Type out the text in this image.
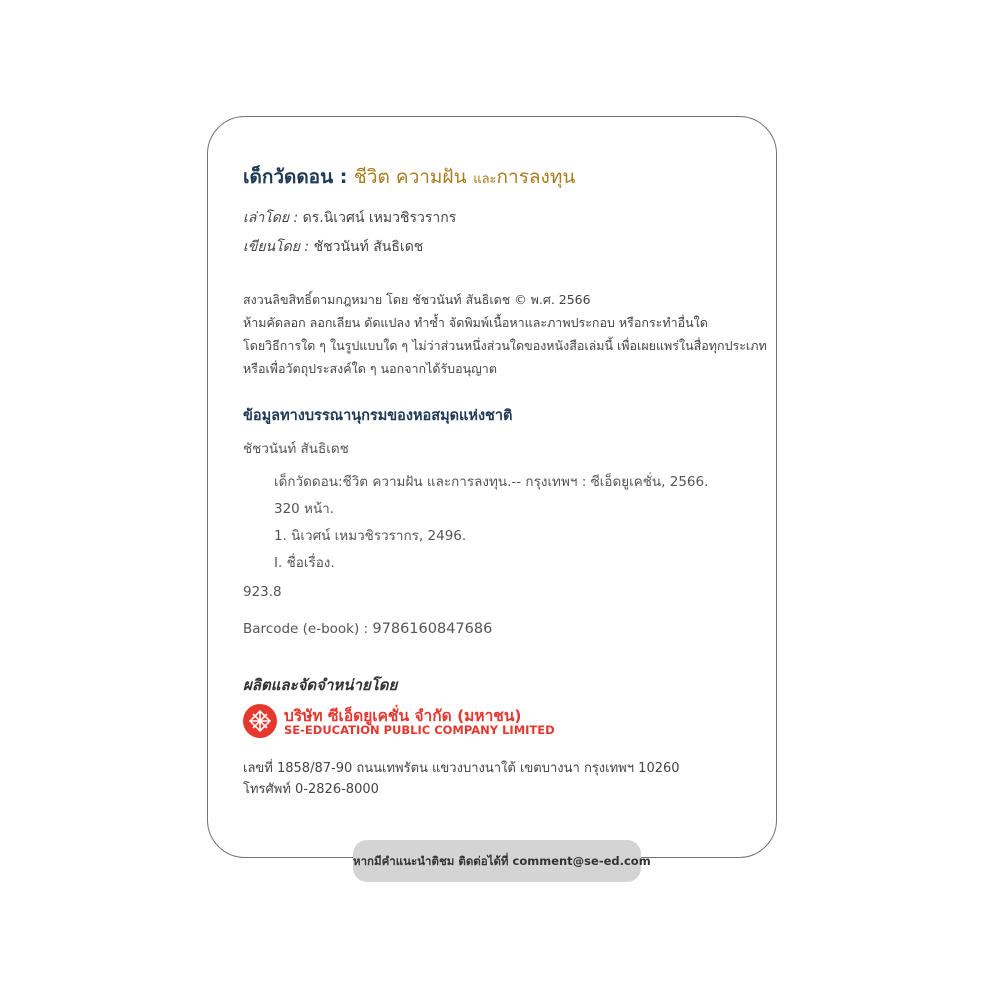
เด็กวัดดอน : ชีวิต ความฝัน และการลงทุน
เล่าโดย : ดร.นิเวศน์ เหมวชิรวรากร
เขียนโดย : ชัชวนันท์ สันธิเดช
สงวนลิขสิทธิ์ตามกฎหมาย โดย ชัชวนันท์ สันธิเดช © พ.ศ. 2566
ห้ามคัดลอก ลอกเลียน ดัดแปลง ทำซ้ำ จัดพิมพ์เนื้อหาและภาพประกอบ หรือกระทำอื่นใด
โดยวิธีการใด ๆ ในรูปแบบใด ๆ ไม่ว่าส่วนหนึ่งส่วนใดของหนังสือเล่มนี้ เพื่อเผยแพร่ในสื่อทุกประเภท
หรือเพื่อวัตถุประสงค์ใด ๆ นอกจากได้รับอนุญาต
ข้อมูลทางบรรณานุกรมของหอสมุดแห่งชาติ
ชัชวนันท์ สันธิเดช
เด็กวัดดอน:ชีวิต ความฝัน และการลงทุน.-- กรุงเทพฯ : ซีเอ็ดยูเคชั่น, 2566.
320 หน้า.
1. นิเวศน์ เหมวชิรวรากร, 2496.
I. ชื่อเรื่อง.
923.8
Barcode (e-book) : 9786160847686
ผลิตและจัดจำหน่ายโดย
บริษัท ซีเอ็ดยูเคชั่น จำกัด (มหาชน)
SE-EDUCATION PUBLIC COMPANY LIMITED
เลขที่ 1858/87-90 ถนนเทพรัตน แขวงบางนาใต้ เขตบางนา กรุงเทพฯ 10260
โทรศัพท์ 0-2826-8000
หากมีคำแนะนำติชม ติดต่อได้ที่ comment@se-ed.com
